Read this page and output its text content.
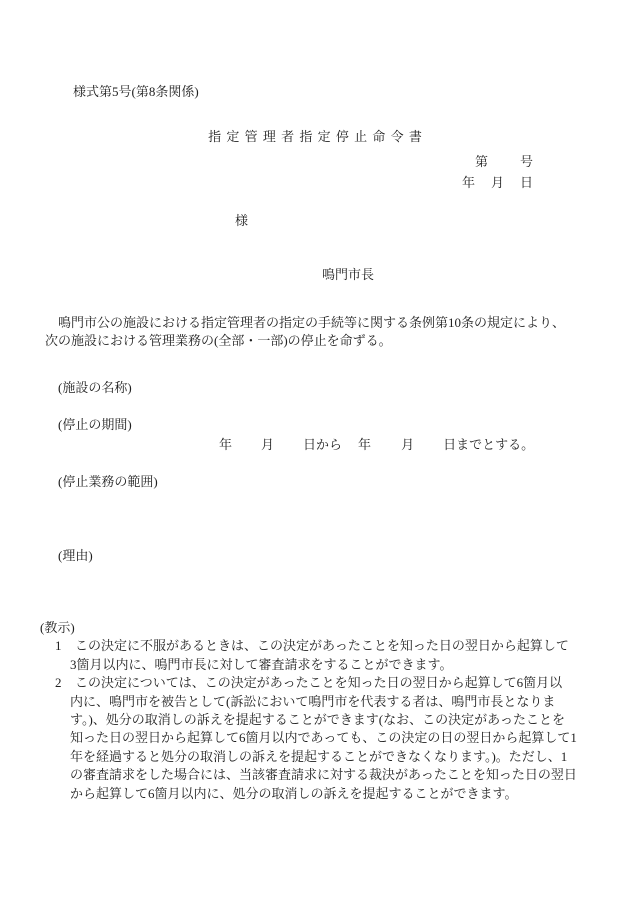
様式第5号(第8条関係)
指 定 管 理 者 指 定 停 止 命 令 書
第 号
年 月 日
様
鳴門市長
鳴門市公の施設における指定管理者の指定の手続等に関する条例第10条の規定により、
次の施設における管理業務の(全部・一部)の停止を命ずる。
(施設の名称)
(停止の期間)
年 月 日から 年 月 日までとする。
(停止業務の範囲)
(理由)
(教示)
1 この決定に不服があるときは、この決定があったことを知った日の翌日から起算して
3箇月以内に、鳴門市長に対して審査請求をすることができます。
2 この決定については、この決定があったことを知った日の翌日から起算して6箇月以
内に、鳴門市を被告として(訴訟において鳴門市を代表する者は、鳴門市長となりま
す。)、処分の取消しの訴えを提起することができます(なお、この決定があったことを
知った日の翌日から起算して6箇月以内であっても、この決定の日の翌日から起算して1
年を経過すると処分の取消しの訴えを提起することができなくなります。)。ただし、1
の審査請求をした場合には、当該審査請求に対する裁決があったことを知った日の翌日
から起算して6箇月以内に、処分の取消しの訴えを提起することができます。
